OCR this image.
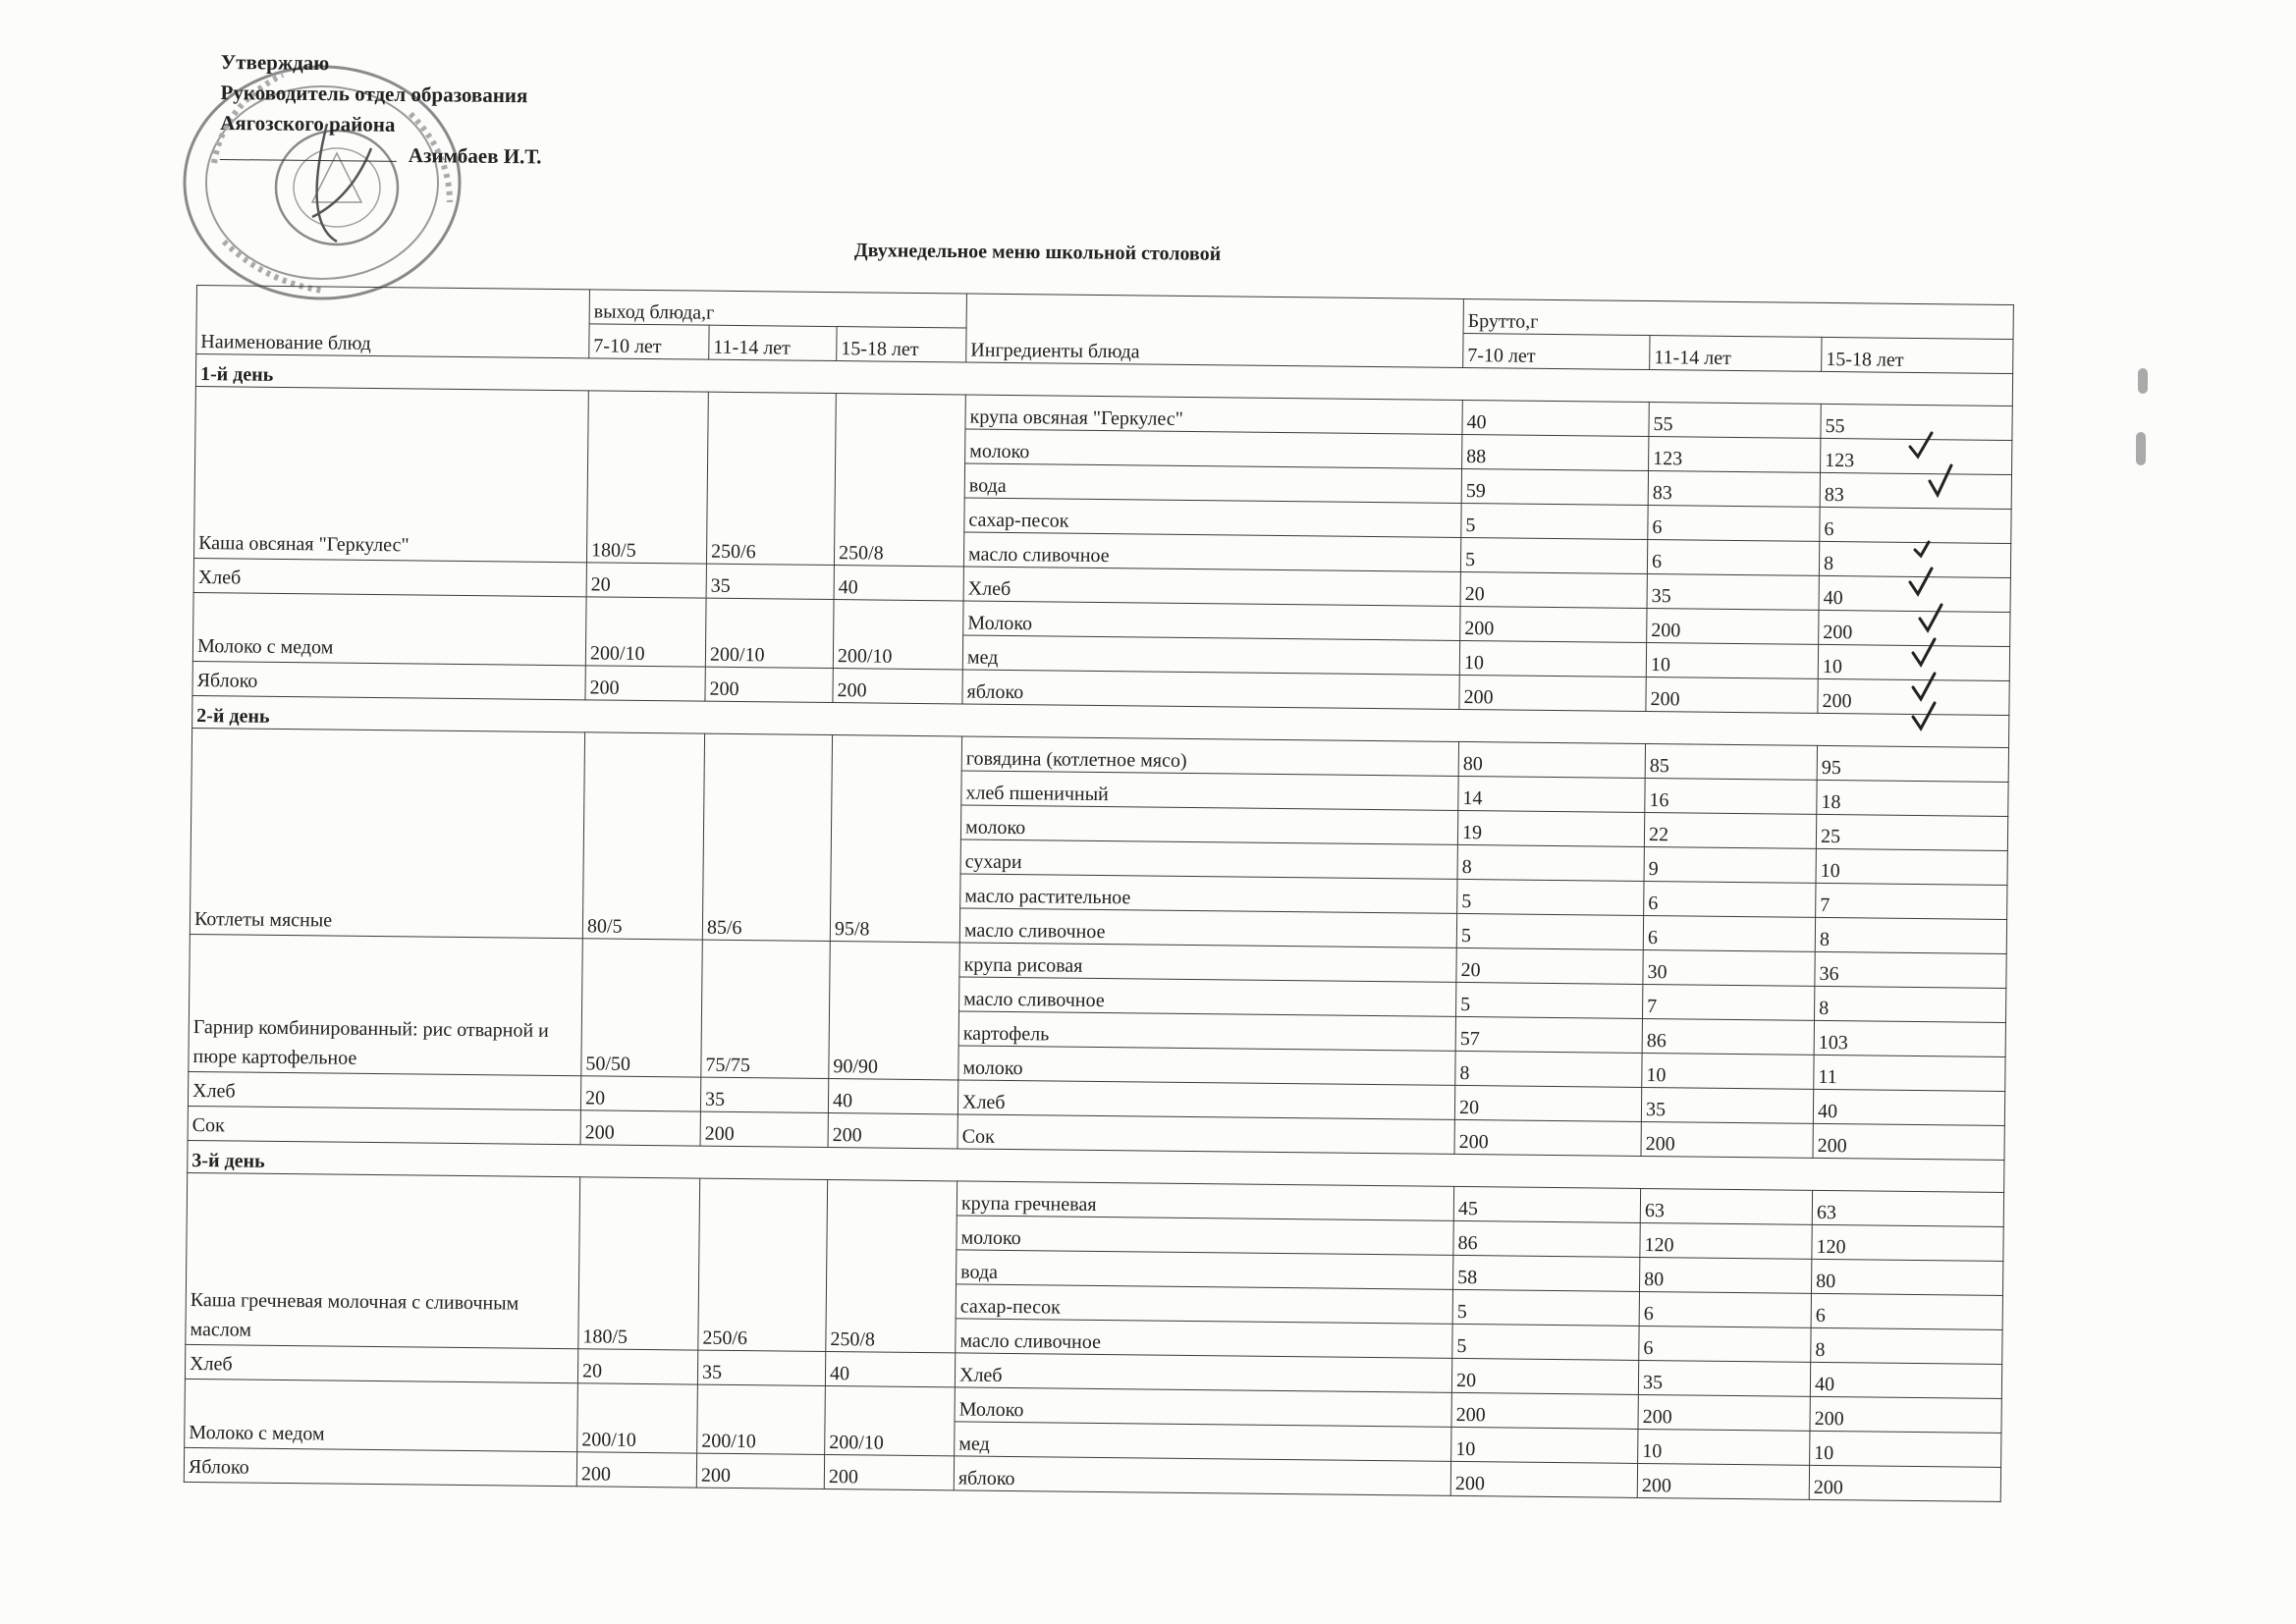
Утверждаю
Руководитель отдел образования
Аягозского района
Азимбаев И.Т.
Двухнедельное меню школьной столовой
Наименование блюд	выход блюда,г			Ингредиенты блюда	Брутто,г		
	7-10 лет	11-14 лет	15-18 лет		7-10 лет	11-14 лет	15-18 лет
1-й день							
Каша овсяная "Геркулес"	180/5	250/6	250/8	крупа овсяная "Геркулес"	40	55	55
				молоко	88	123	123
				вода	59	83	83
				сахар-песок	5	6	6
				масло сливочное	5	6	8
Хлеб	20	35	40	Хлеб	20	35	40
Молоко с медом	200/10	200/10	200/10	Молоко	200	200	200
				мед	10	10	10
Яблоко	200	200	200	яблоко	200	200	200
2-й день							
Котлеты мясные	80/5	85/6	95/8	говядина (котлетное мясо)	80	85	95
				хлеб пшеничный	14	16	18
				молоко	19	22	25
				сухари	8	9	10
				масло растительное	5	6	7
				масло сливочное	5	6	8
Гарнир комбинированный: рис отварной и пюре картофельное	50/50	75/75	90/90	крупа рисовая	20	30	36
				масло сливочное	5	7	8
				картофель	57	86	103
				молоко	8	10	11
Хлеб	20	35	40	Хлеб	20	35	40
Сок	200	200	200	Сок	200	200	200
3-й день							
Каша гречневая молочная с сливочным маслом	180/5	250/6	250/8	крупа гречневая	45	63	63
				молоко	86	120	120
				вода	58	80	80
				сахар-песок	5	6	6
				масло сливочное	5	6	8
Хлеб	20	35	40	Хлеб	20	35	40
Молоко с медом	200/10	200/10	200/10	Молоко	200	200	200
				мед	10	10	10
Яблоко	200	200	200	яблоко	200	200	200
